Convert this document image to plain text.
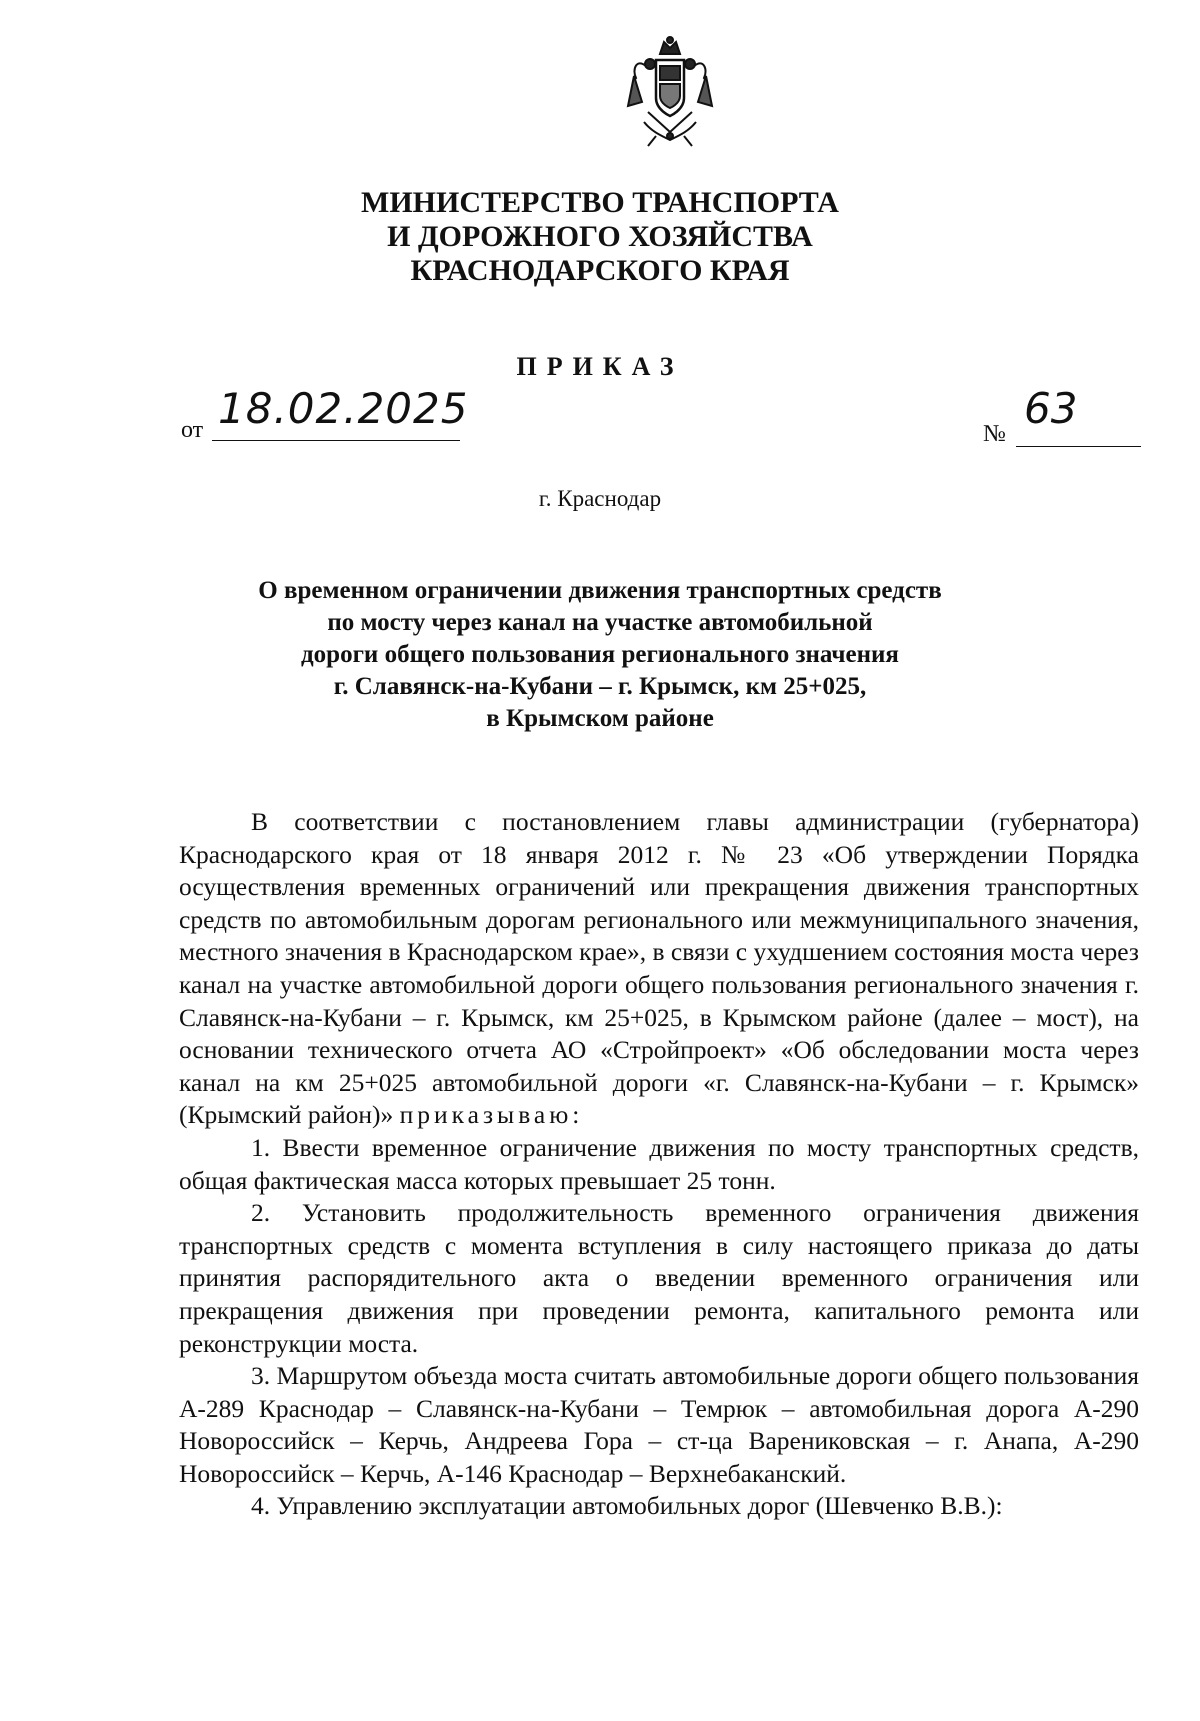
МИНИСТЕРСТВО ТРАНСПОРТА
И ДОРОЖНОГО ХОЗЯЙСТВА
КРАСНОДАРСКОГО КРАЯ
ПРИКАЗ
от 18.02.2025
№
63
г. Краснодар
О временном ограничении движения транспортных средств
по мосту через канал на участке автомобильной
дороги общего пользования регионального значения
г. Славянск-на-Кубани – г. Крымск, км 25+025,
в Крымском районе

В соответствии с постановлением главы администрации (губернатора) Краснодарского края от 18 января 2012 г. № 23 «Об утверждении Порядка осуществления временных ограничений или прекращения движения транспортных средств по автомобильным дорогам регионального или межмуниципального значения, местного значения в Краснодарском крае», в связи с ухудшением состояния моста через канал на участке автомобильной дороги общего пользования регионального значения г. Славянск-на-Кубани – г. Крымск, км 25+025, в Крымском районе (далее – мост), на основании технического отчета АО «Стройпроект» «Об обследовании моста через канал на км 25+025 автомобильной дороги «г. Славянск-на-Кубани – г. Крымск» (Крымский район)» приказываю:

1. Ввести временное ограничение движения по мосту транспортных средств, общая фактическая масса которых превышает 25 тонн.

2. Установить продолжительность временного ограничения движения транспортных средств с момента вступления в силу настоящего приказа до даты принятия распорядительного акта о введении временного ограничения или прекращения движения при проведении ремонта, капитального ремонта или реконструкции моста.

3. Маршрутом объезда моста считать автомобильные дороги общего пользования А-289 Краснодар – Славянск-на-Кубани – Темрюк – автомобильная дорога А-290 Новороссийск – Керчь, Андреева Гора – ст-ца Варениковская – г. Анапа, А-290 Новороссийск – Керчь, А-146 Краснодар – Верхнебаканский.

4. Управлению эксплуатации автомобильных дорог (Шевченко В.В.):
